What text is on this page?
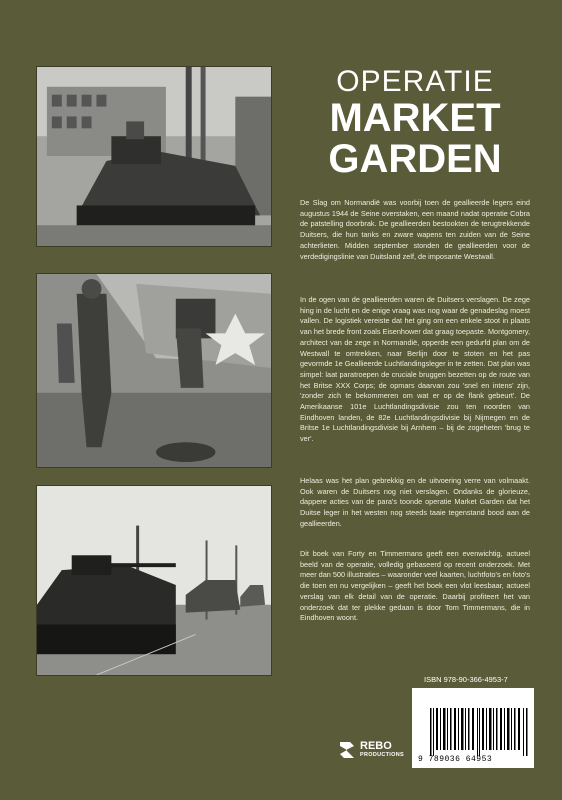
OPERATIE
MARKET
GARDEN

De Slag om Normandië was voorbij toen de geallieerde legers eind augustus 1944 de Seine overstaken, een maand nadat operatie Cobra de patstelling doorbrak. De geallieerden bestookten de terugtrekkende Duitsers, die hun tanks en zware wapens ten zuiden van de Seine achterlieten. Midden september stonden de geallieerden voor de verdedigingslinie van Duitsland zelf, de imposante Westwall.

In de ogen van de geallieerden waren de Duitsers verslagen. De zege hing in de lucht en de enige vraag was nog waar de genadeslag moest vallen. De logistiek vereiste dat het ging om een enkele stoot in plaats van het brede front zoals Eisenhower dat graag toepaste. Montgomery, architect van de zege in Normandië, opperde een gedurfd plan om de Westwall te omtrekken, naar Berlijn door te stoten en het pas gevormde 1e Geallieerde Luchtlandingsleger in te zetten. Dat plan was simpel: laat paratroepen de cruciale bruggen bezetten op de route van het Britse XXX Corps; de opmars daarvan zou 'snel en intens' zijn, 'zonder zich te bekommeren om wat er op de flank gebeurt'. De Amerikaanse 101e Luchtlandingsdivisie zou ten noorden van Eindhoven landen, de 82e Luchtlandingsdivisie bij Nijmegen en de Britse 1e Luchtlandingsdivisie bij Arnhem – bij de zogeheten 'brug te ver'.

Helaas was het plan gebrekkig en de uitvoering verre van volmaakt. Ook waren de Duitsers nog niet verslagen. Ondanks de glorieuze, dappere acties van de para's toonde operatie Market Garden dat het Duitse leger in het westen nog steeds taaie tegenstand bood aan de geallieerden.

Dit boek van Forty en Timmermans geeft een evenwichtig, actueel beeld van de operatie, volledig gebaseerd op recent onderzoek. Met meer dan 500 illustraties – waaronder veel kaarten, luchtfoto's en foto's die toen en nu vergelijken – geeft het boek een vlot leesbaar, actueel verslag van elk detail van de operatie. Daarbij profiteert het van onderzoek dat ter plekke gedaan is door Tom Timmermans, die in Eindhoven woont.

ISBN 978-90-366-4953-7
9 789036 64953
REBO
PRODUCTIONS
